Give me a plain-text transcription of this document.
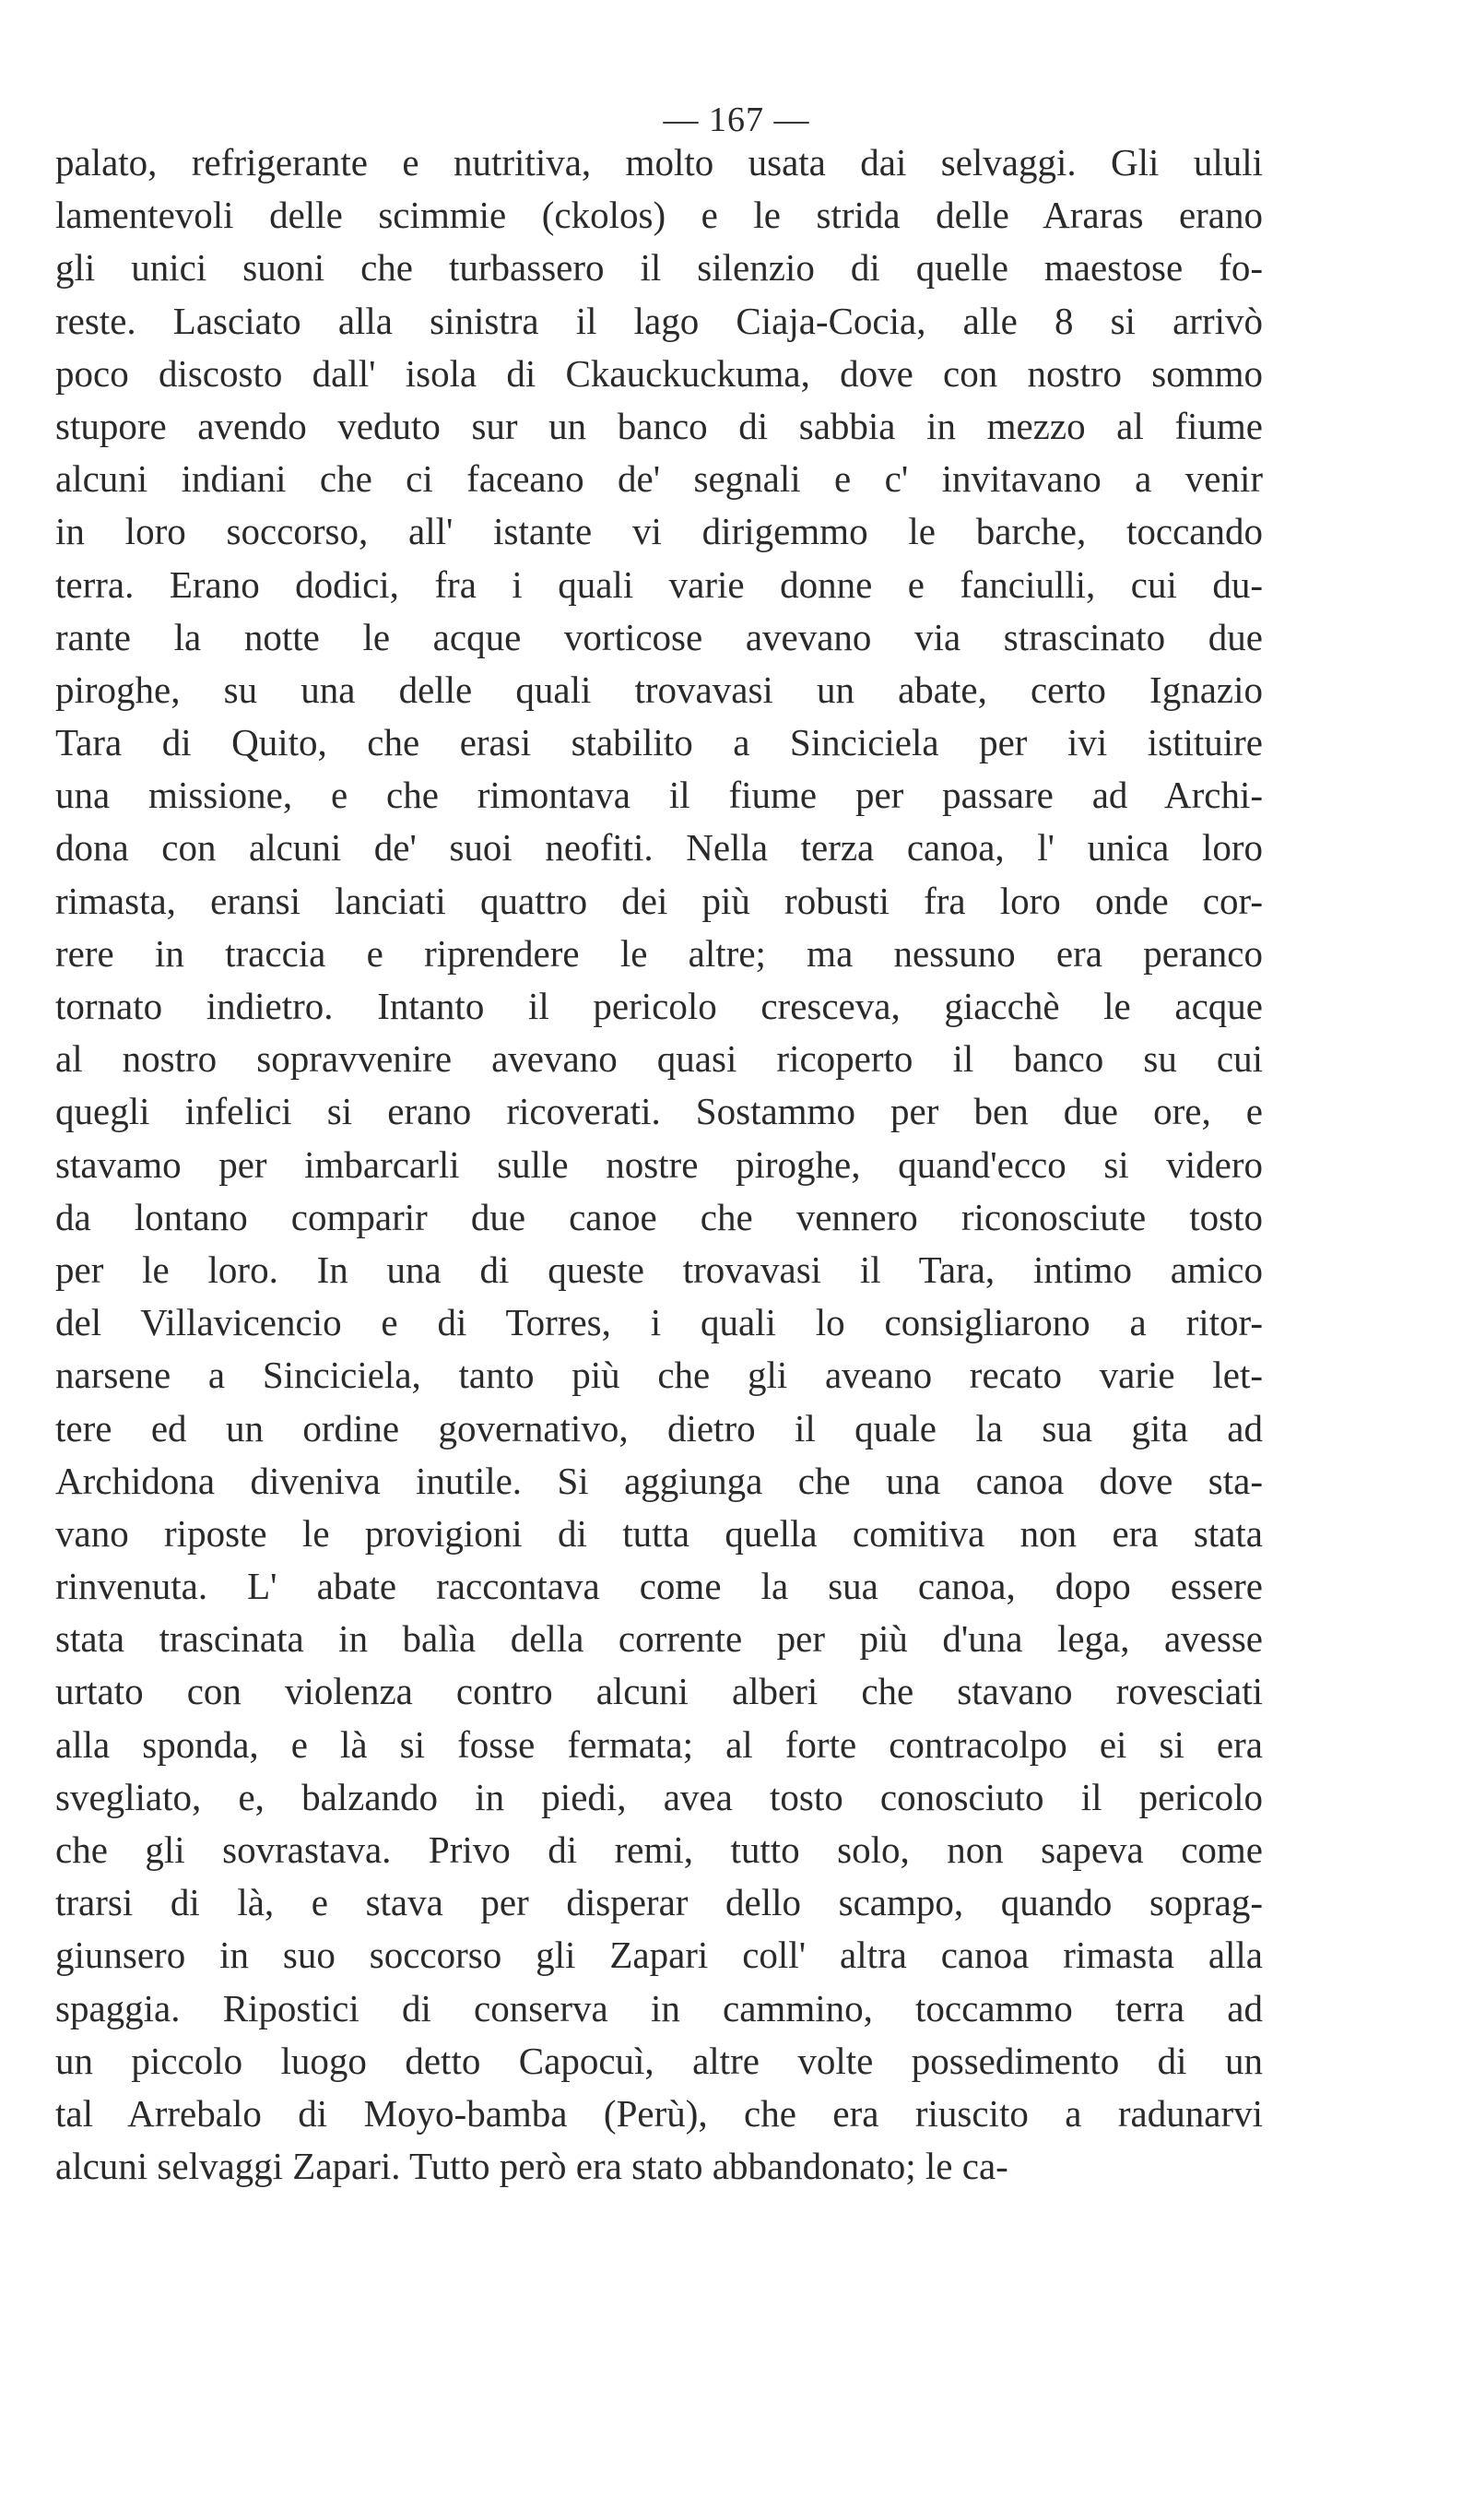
— 167 —
palato, refrigerante e nutritiva, molto usata dai selvaggi. Gli ululi
lamentevoli delle scimmie (ckolos) e le strida delle Araras erano
gli unici suoni che turbassero il silenzio di quelle maestose fo-
reste. Lasciato alla sinistra il lago Ciaja-Cocia, alle 8 si arrivò
poco discosto dall' isola di Ckauckuckuma, dove con nostro sommo
stupore avendo veduto sur un banco di sabbia in mezzo al fiume
alcuni indiani che ci faceano de' segnali e c' invitavano a venir
in loro soccorso, all' istante vi dirigemmo le barche, toccando
terra. Erano dodici, fra i quali varie donne e fanciulli, cui du-
rante la notte le acque vorticose avevano via strascinato due
piroghe, su una delle quali trovavasi un abate, certo Ignazio
Tara di Quito, che erasi stabilito a Sinciciela per ivi istituire
una missione, e che rimontava il fiume per passare ad Archi-
dona con alcuni de' suoi neofiti. Nella terza canoa, l' unica loro
rimasta, eransi lanciati quattro dei più robusti fra loro onde cor-
rere in traccia e riprendere le altre; ma nessuno era peranco
tornato indietro. Intanto il pericolo cresceva, giacchè le acque
al nostro sopravvenire avevano quasi ricoperto il banco su cui
quegli infelici si erano ricoverati. Sostammo per ben due ore, e
stavamo per imbarcarli sulle nostre piroghe, quand'ecco si videro
da lontano comparir due canoe che vennero riconosciute tosto
per le loro. In una di queste trovavasi il Tara, intimo amico
del Villavicencio e di Torres, i quali lo consigliarono a ritor-
narsene a Sinciciela, tanto più che gli aveano recato varie let-
tere ed un ordine governativo, dietro il quale la sua gita ad
Archidona diveniva inutile. Si aggiunga che una canoa dove sta-
vano riposte le provigioni di tutta quella comitiva non era stata
rinvenuta. L' abate raccontava come la sua canoa, dopo essere
stata trascinata in balìa della corrente per più d'una lega, avesse
urtato con violenza contro alcuni alberi che stavano rovesciati
alla sponda, e là si fosse fermata; al forte contracolpo ei si era
svegliato, e, balzando in piedi, avea tosto conosciuto il pericolo
che gli sovrastava. Privo di remi, tutto solo, non sapeva come
trarsi di là, e stava per disperar dello scampo, quando soprag-
giunsero in suo soccorso gli Zapari coll' altra canoa rimasta alla
spaggia. Ripostici di conserva in cammino, toccammo terra ad
un piccolo luogo detto Capocuì, altre volte possedimento di un
tal Arrebalo di Moyo-bamba (Perù), che era riuscito a radunarvi
alcuni selvaggi Zapari. Tutto però era stato abbandonato; le ca-
